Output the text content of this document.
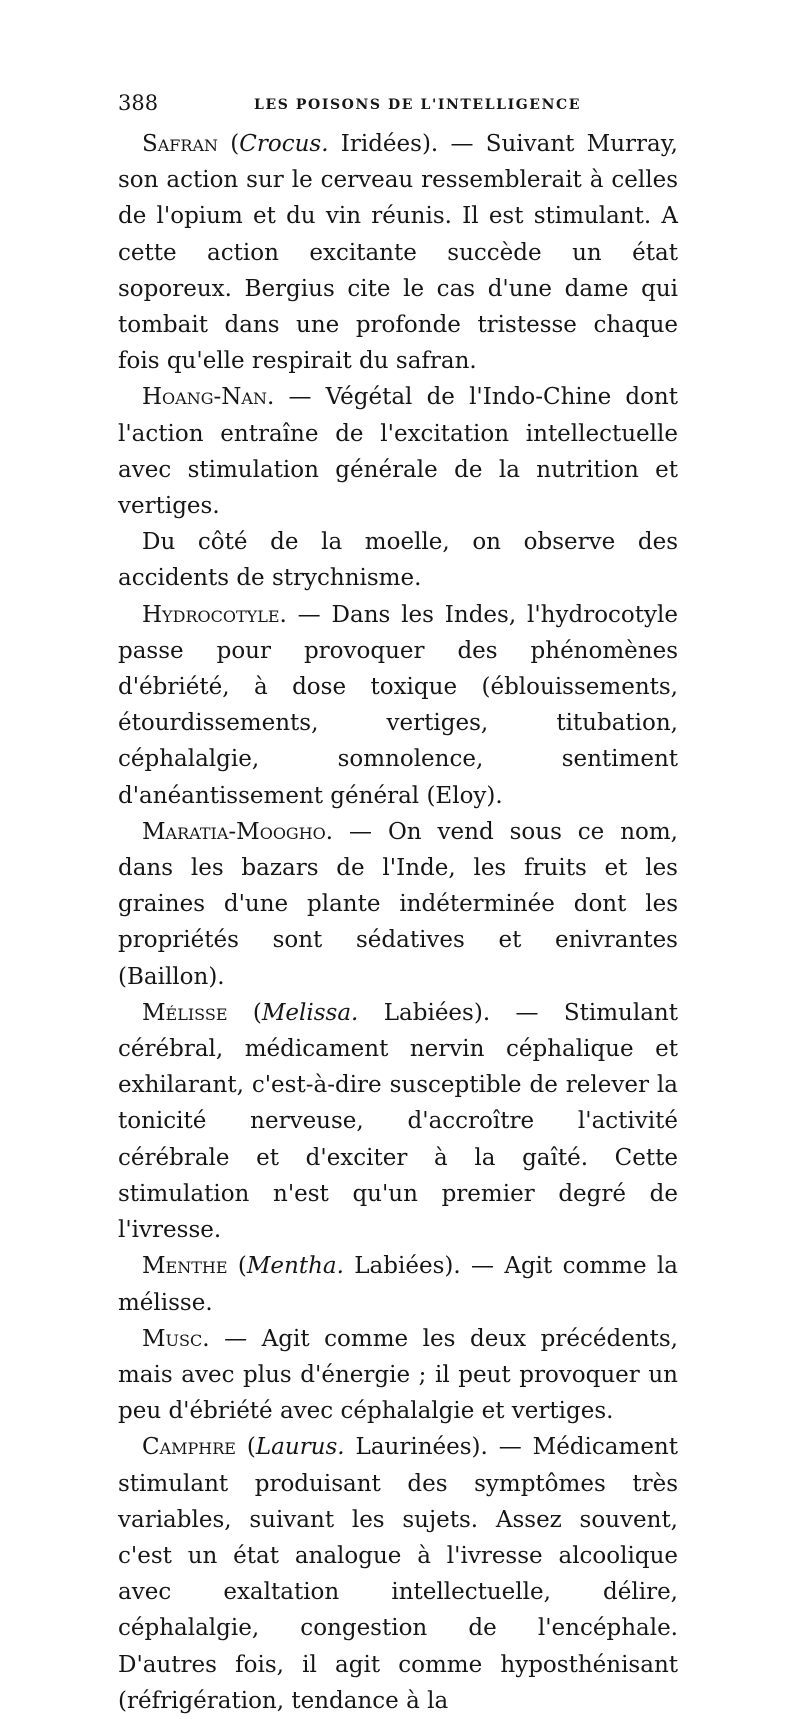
388	LES POISONS DE L'INTELLIGENCE

Safran (Crocus. Iridées). — Suivant Murray, son action sur le cerveau ressemblerait à celles de l'opium et du vin réunis. Il est stimulant. A cette action excitante succède un état soporeux. Bergius cite le cas d'une dame qui tombait dans une profonde tristesse chaque fois qu'elle respirait du safran.

Hoang-Nan. — Végétal de l'Indo-Chine dont l'action entraîne de l'excitation intellectuelle avec stimulation générale de la nutrition et vertiges.

Du côté de la moelle, on observe des accidents de strychnisme.

Hydrocotyle. — Dans les Indes, l'hydrocotyle passe pour provoquer des phénomènes d'ébriété, à dose toxique (éblouissements, étourdissements, vertiges, titubation, céphalalgie, somnolence, sentiment d'anéantissement général (Eloy).

Maratia-Moogho. — On vend sous ce nom, dans les bazars de l'Inde, les fruits et les graines d'une plante indéterminée dont les propriétés sont sédatives et enivrantes (Baillon).

Mélisse (Melissa. Labiées). — Stimulant cérébral, médicament nervin céphalique et exhilarant, c'est-à-dire susceptible de relever la tonicité nerveuse, d'accroître l'activité cérébrale et d'exciter à la gaîté. Cette stimulation n'est qu'un premier degré de l'ivresse.

Menthe (Mentha. Labiées). — Agit comme la mélisse.

Musc. — Agit comme les deux précédents, mais avec plus d'énergie ; il peut provoquer un peu d'ébriété avec céphalalgie et vertiges.

Camphre (Laurus. Laurinées). — Médicament stimulant produisant des symptômes très variables, suivant les sujets. Assez souvent, c'est un état analogue à l'ivresse alcoolique avec exaltation intellectuelle, délire, céphalalgie, congestion de l'encéphale. D'autres fois, il agit comme hyposthénisant (réfrigération, tendance à la
